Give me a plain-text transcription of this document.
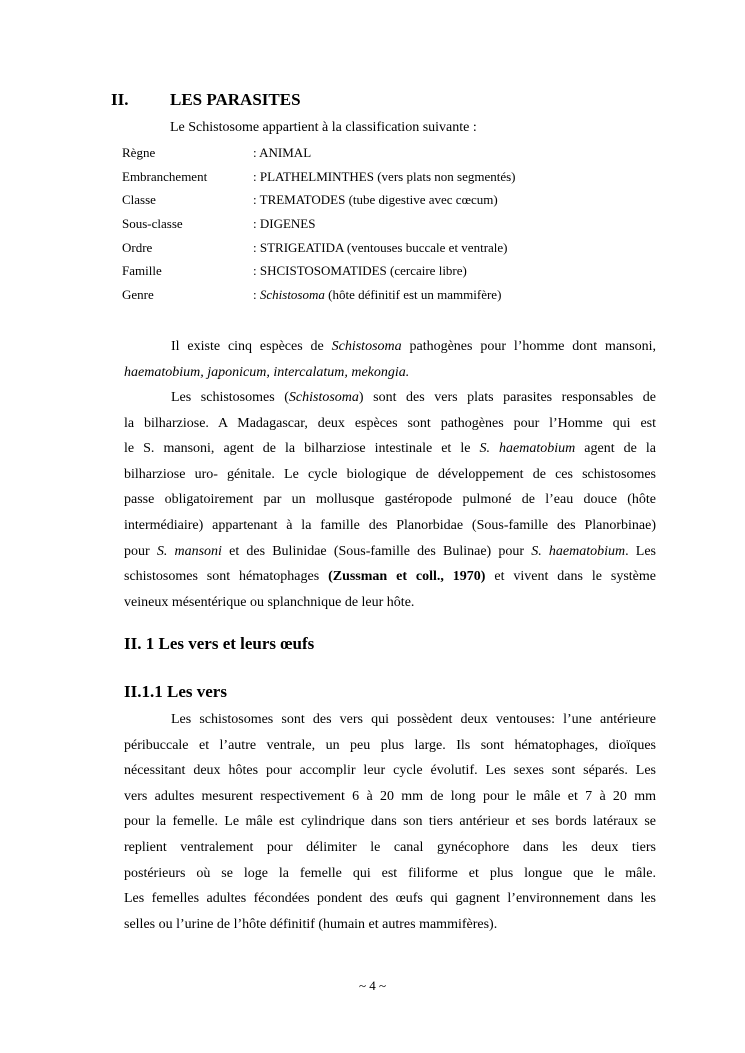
II. LES PARASITES
Le Schistosome appartient à la classification suivante :
Règne	: ANIMAL
Embranchement	: PLATHELMINTHES (vers plats non segmentés)
Classe	: TREMATODES (tube digestive avec cœcum)
Sous-classe	: DIGENES
Ordre	: STRIGEATIDA (ventouses buccale et ventrale)
Famille	: SHCISTOSOMATIDES (cercaire libre)
Genre	: Schistosoma (hôte définitif est un mammifère)
Il existe cinq espèces de Schistosoma pathogènes pour l’homme dont mansoni,
haematobium, japonicum, intercalatum, mekongia.
Les schistosomes (Schistosoma) sont des vers plats parasites responsables de
la bilharziose. A Madagascar, deux espèces sont pathogènes pour l’Homme qui est
le S. mansoni, agent de la bilharziose intestinale et le S. haematobium agent de la
bilharziose uro- génitale. Le cycle biologique de développement de ces schistosomes
passe obligatoirement par un mollusque gastéropode pulmoné de l’eau douce (hôte
intermédiaire) appartenant à la famille des Planorbidae (Sous-famille des Planorbinae)
pour S. mansoni et des Bulinidae (Sous-famille des Bulinae) pour S. haematobium. Les
schistosomes sont hématophages (Zussman et coll., 1970) et vivent dans le système
veineux mésentérique ou splanchnique de leur hôte.
II. 1 Les vers et leurs œufs
II.1.1 Les vers
Les schistosomes sont des vers qui possèdent deux ventouses: l’une antérieure
péribuccale et l’autre ventrale, un peu plus large. Ils sont hématophages, dioïques
nécessitant deux hôtes pour accomplir leur cycle évolutif. Les sexes sont séparés. Les
vers adultes mesurent respectivement 6 à 20 mm de long pour le mâle et 7 à 20 mm
pour la femelle. Le mâle est cylindrique dans son tiers antérieur et ses bords latéraux se
replient ventralement pour délimiter le canal gynécophore dans les deux tiers
postérieurs où se loge la femelle qui est filiforme et plus longue que le mâle.
Les femelles adultes fécondées pondent des œufs qui gagnent l’environnement dans les
selles ou l’urine de l’hôte définitif (humain et autres mammifères).
~ 4 ~
